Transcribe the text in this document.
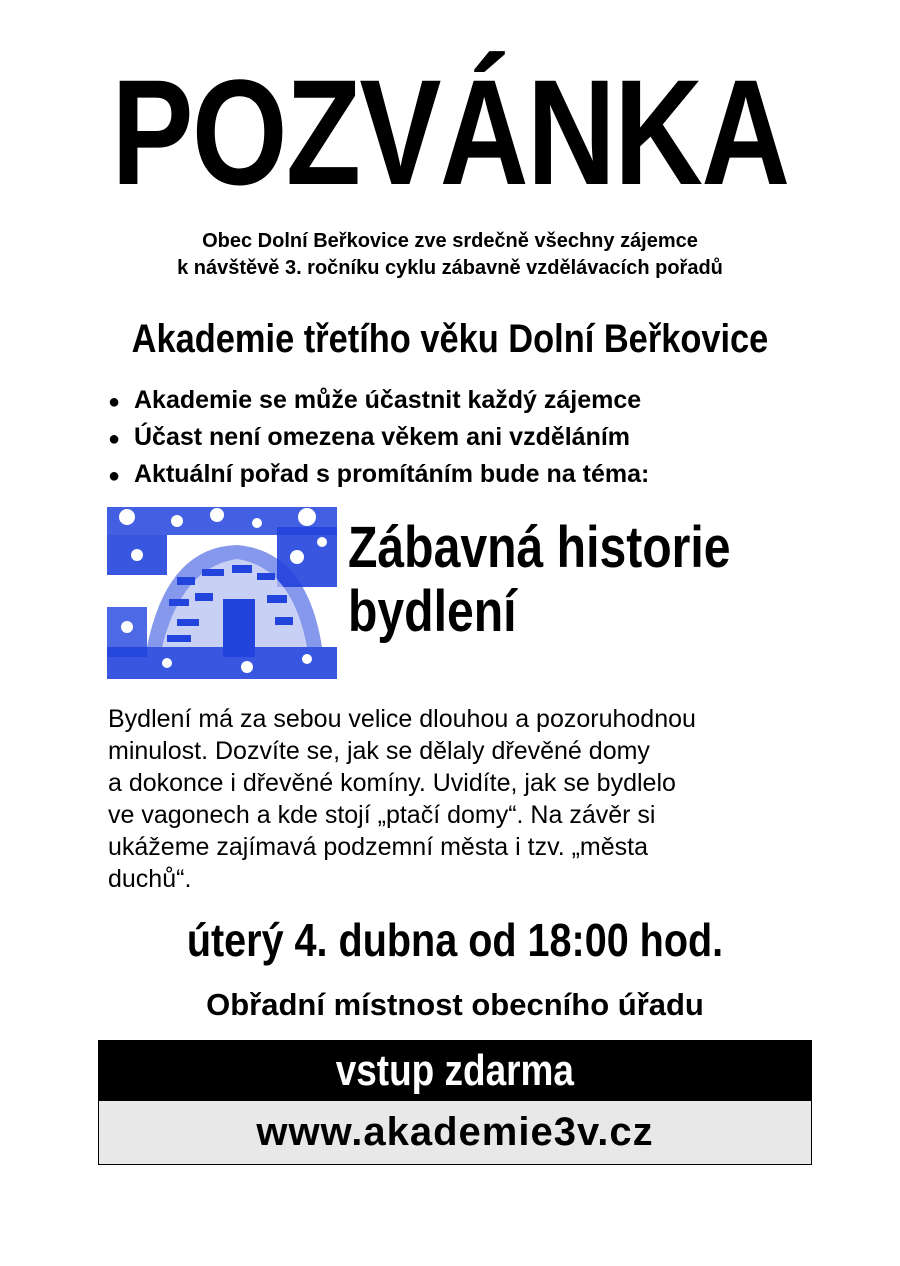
POZVÁNKA
Obec Dolní Beřkovice zve srdečně všechny zájemce
k návštěvě 3. ročníku cyklu zábavně vzdělávacích pořadů
Akademie třetího věku Dolní Beřkovice
● Akademie se může účastnit každý zájemce
● Účast není omezena věkem ani vzděláním
● Aktuální pořad s promítáním bude na téma:
Zábavná historie
bydlení
Bydlení má za sebou velice dlouhou a pozoruhodnou
minulost. Dozvíte se, jak se dělaly dřevěné domy
a dokonce i dřevěné komíny. Uvidíte, jak se bydlelo
ve vagonech a kde stojí „ptačí domy“. Na závěr si
ukážeme zajímavá podzemní města i tzv. „města
duchů“.
úterý 4. dubna od 18:00 hod.
Obřadní místnost obecního úřadu
vstup zdarma
www.akademie3v.cz
